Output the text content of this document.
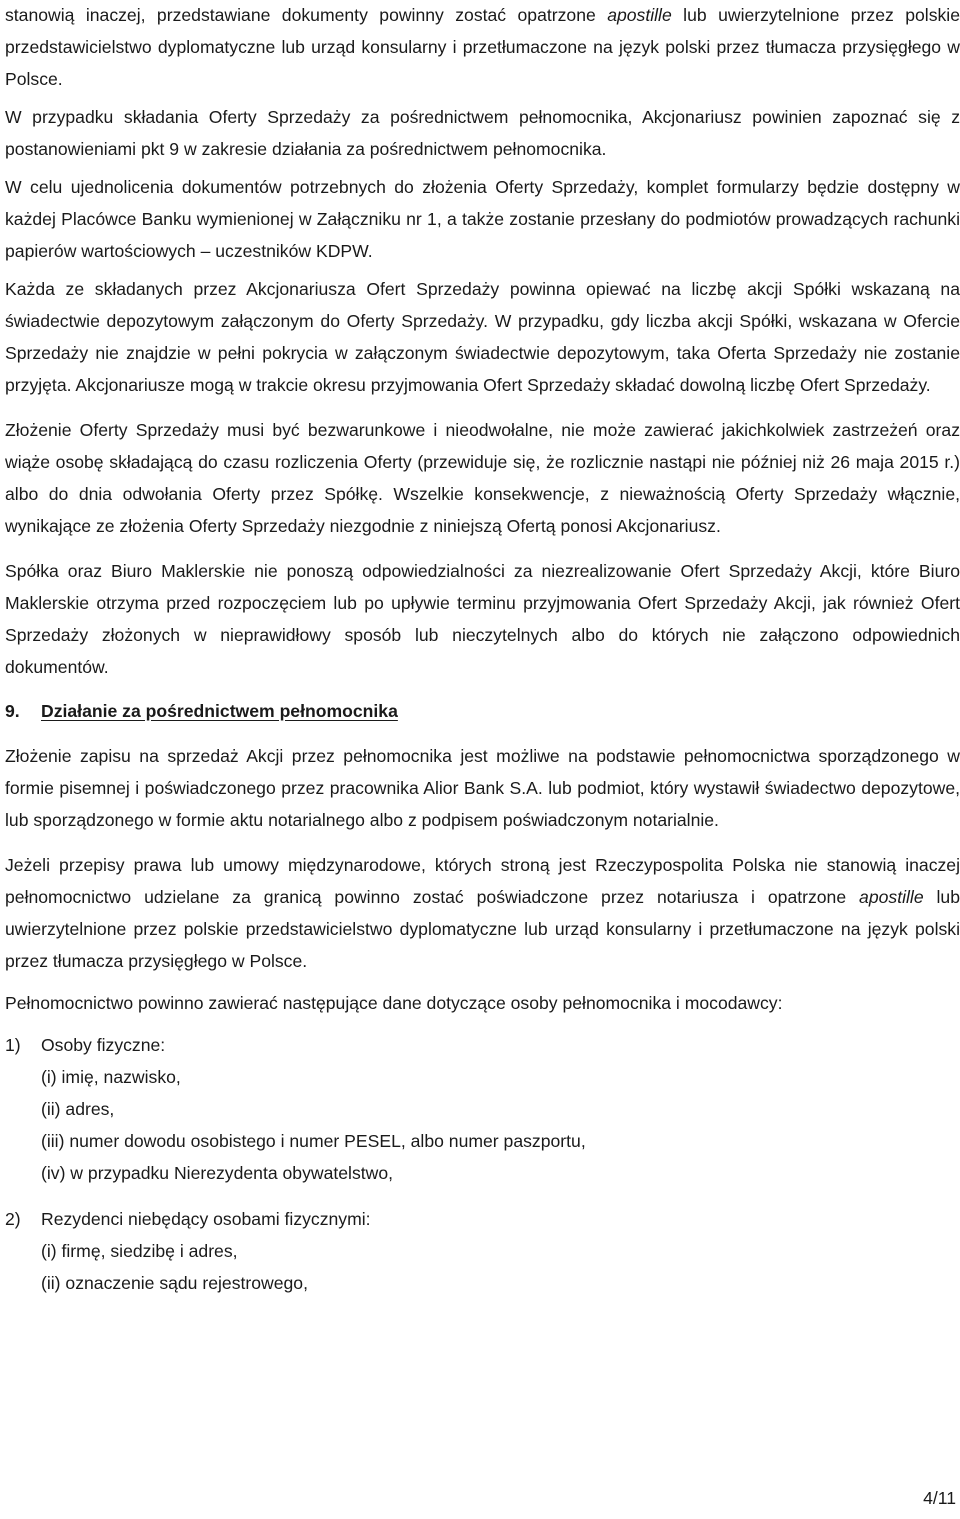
stanowią inaczej, przedstawiane dokumenty powinny zostać opatrzone apostille lub uwierzytelnione przez polskie przedstawicielstwo dyplomatyczne lub urząd konsularny i przetłumaczone na język polski przez tłumacza przysięgłego w Polsce.

W przypadku składania Oferty Sprzedaży za pośrednictwem pełnomocnika, Akcjonariusz powinien zapoznać się z postanowieniami pkt 9 w zakresie działania za pośrednictwem pełnomocnika.

W celu ujednolicenia dokumentów potrzebnych do złożenia Oferty Sprzedaży, komplet formularzy będzie dostępny w każdej Placówce Banku wymienionej w Załączniku nr 1, a także zostanie przesłany do podmiotów prowadzących rachunki papierów wartościowych – uczestników KDPW.

Każda ze składanych przez Akcjonariusza Ofert Sprzedaży powinna opiewać na liczbę akcji Spółki wskazaną na świadectwie depozytowym załączonym do Oferty Sprzedaży. W przypadku, gdy liczba akcji Spółki, wskazana w Ofercie Sprzedaży nie znajdzie w pełni pokrycia w załączonym świadectwie depozytowym, taka Oferta Sprzedaży nie zostanie przyjęta. Akcjonariusze mogą w trakcie okresu przyjmowania Ofert Sprzedaży składać dowolną liczbę Ofert Sprzedaży.

Złożenie Oferty Sprzedaży musi być bezwarunkowe i nieodwołalne, nie może zawierać jakichkolwiek zastrzeżeń oraz wiąże osobę składającą do czasu rozliczenia Oferty (przewiduje się, że rozlicznie nastąpi nie później niż 26 maja 2015 r.) albo do dnia odwołania Oferty przez Spółkę. Wszelkie konsekwencje, z nieważnością Oferty Sprzedaży włącznie, wynikające ze złożenia Oferty Sprzedaży niezgodnie z niniejszą Ofertą ponosi Akcjonariusz.

Spółka oraz Biuro Maklerskie nie ponoszą odpowiedzialności za niezrealizowanie Ofert Sprzedaży Akcji, które Biuro Maklerskie otrzyma przed rozpoczęciem lub po upływie terminu przyjmowania Ofert Sprzedaży Akcji, jak również Ofert Sprzedaży złożonych w nieprawidłowy sposób lub nieczytelnych albo do których nie załączono odpowiednich dokumentów.

9.	Działanie za pośrednictwem pełnomocnika

Złożenie zapisu na sprzedaż Akcji przez pełnomocnika jest możliwe na podstawie pełnomocnictwa sporządzonego w formie pisemnej i poświadczonego przez pracownika Alior Bank S.A. lub podmiot, który wystawił świadectwo depozytowe, lub sporządzonego w formie aktu notarialnego albo z podpisem poświadczonym notarialnie.

Jeżeli przepisy prawa lub umowy międzynarodowe, których stroną jest Rzeczypospolita Polska nie stanowią inaczej pełnomocnictwo udzielane za granicą powinno zostać poświadczone przez notariusza i opatrzone apostille lub uwierzytelnione przez polskie przedstawicielstwo dyplomatyczne lub urząd konsularny i przetłumaczone na język polski przez tłumacza przysięgłego w Polsce.

Pełnomocnictwo powinno zawierać następujące dane dotyczące osoby pełnomocnika i mocodawcy:

1)	Osoby fizyczne:
(i) imię, nazwisko,
(ii) adres,
(iii) numer dowodu osobistego i numer PESEL, albo numer paszportu,
(iv) w przypadku Nierezydenta obywatelstwo,
2)	Rezydenci niebędący osobami fizycznymi:
(i) firmę, siedzibę i adres,
(ii) oznaczenie sądu rejestrowego,
4/11
